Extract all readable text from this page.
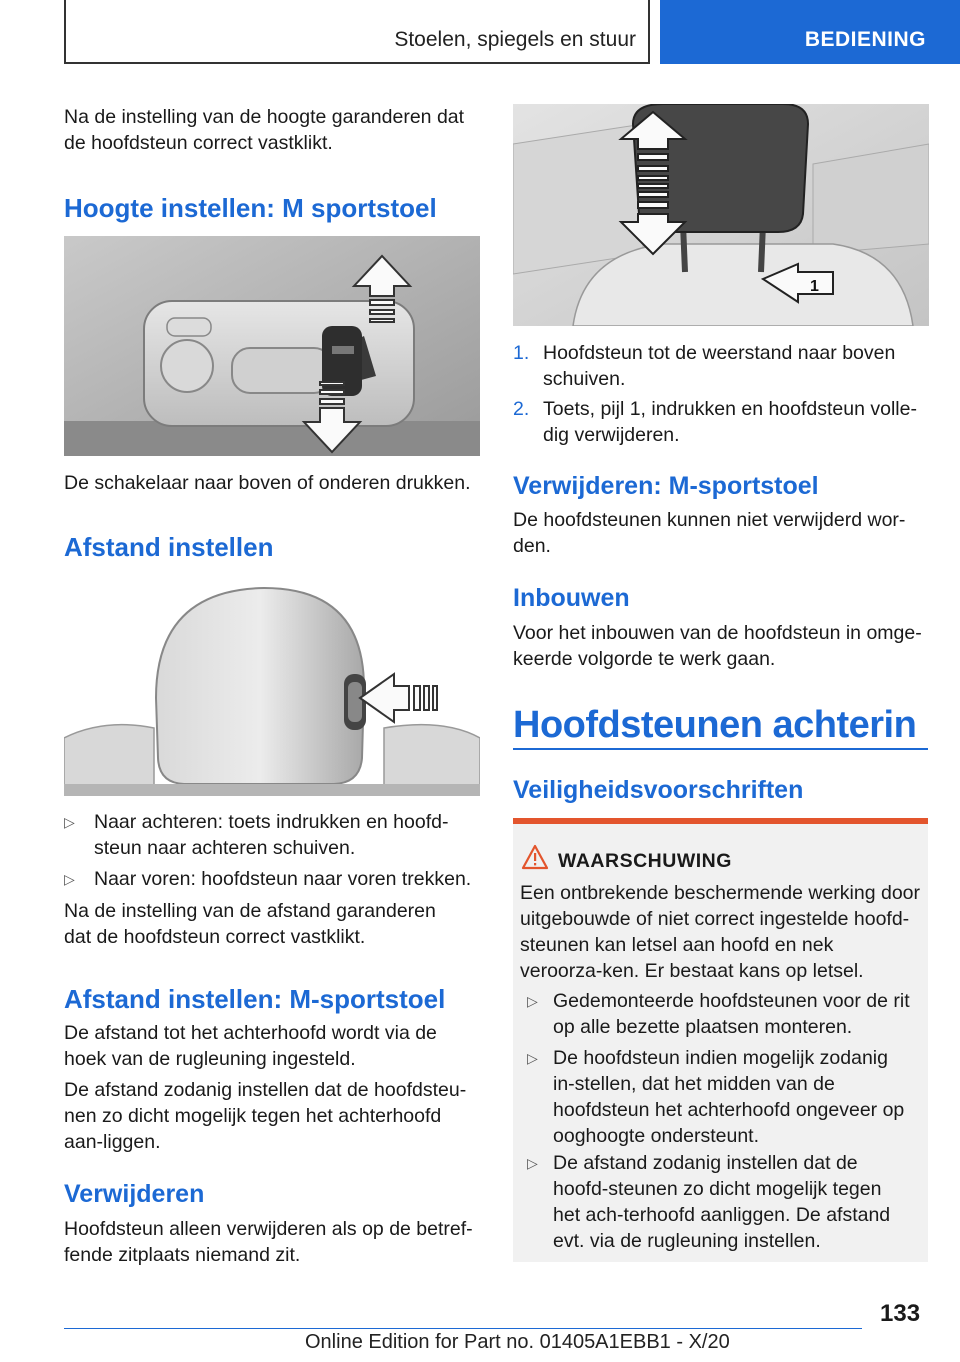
Stoelen, spiegels en stuur	BEDIENING
Na de instelling van de hoogte garanderen dat de hoofdsteun correct vastklikt.
Hoogte instellen: M sportstoel
De schakelaar naar boven of onderen drukken.
Afstand instellen
▷ Naar achteren: toets indrukken en hoofd-steun naar achteren schuiven.
▷ Naar voren: hoofdsteun naar voren trekken.
Na de instelling van de afstand garanderen dat de hoofdsteun correct vastklikt.
Afstand instellen: M-sportstoel
De afstand tot het achterhoofd wordt via de hoek van de rugleuning ingesteld.
De afstand zodanig instellen dat de hoofdsteu-nen zo dicht mogelijk tegen het achterhoofd aan-liggen.
Verwijderen
Hoofdsteun alleen verwijderen als op de betref-fende zitplaats niemand zit.
1
1. Hoofdsteun tot de weerstand naar boven schuiven.
2. Toets, pijl 1, indrukken en hoofdsteun volle-dig verwijderen.
Verwijderen: M-sportstoel
De hoofdsteunen kunnen niet verwijderd wor-den.
Inbouwen
Voor het inbouwen van de hoofdsteun in omge-keerde volgorde te werk gaan.
Hoofdsteunen achterin
Veiligheidsvoorschriften
WAARSCHUWING
Een ontbrekende beschermende werking door uitgebouwde of niet correct ingestelde hoofd-steunen kan letsel aan hoofd en nek veroorza-ken. Er bestaat kans op letsel.
▷ Gedemonteerde hoofdsteunen voor de rit op alle bezette plaatsen monteren.
▷ De hoofdsteun indien mogelijk zodanig in-stellen, dat het midden van de hoofdsteun het achterhoofd ongeveer op ooghoogte ondersteunt.
▷ De afstand zodanig instellen dat de hoofd-steunen zo dicht mogelijk tegen het ach-terhoofd aanliggen. De afstand evt. via de rugleuning instellen.
133
Online Edition for Part no. 01405A1EBB1 - X/20
